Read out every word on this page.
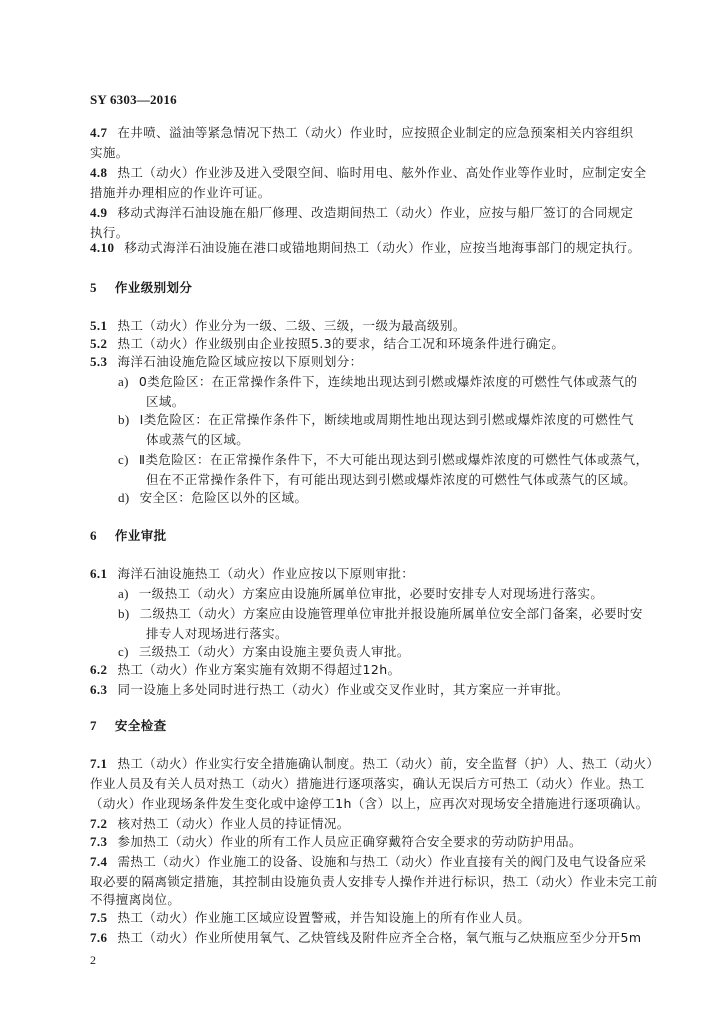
SY 6303—2016
4.7 在井喷、溢油等紧急情况下热工（动火）作业时，应按照企业制定的应急预案相关内容组织
实施。
4.8 热工（动火）作业涉及进入受限空间、临时用电、舷外作业、高处作业等作业时，应制定安全
措施并办理相应的作业许可证。
4.9 移动式海洋石油设施在船厂修理、改造期间热工（动火）作业，应按与船厂签订的合同规定
执行。
4.10 移动式海洋石油设施在港口或锚地期间热工（动火）作业，应按当地海事部门的规定执行。
5 作业级别划分
5.1 热工（动火）作业分为一级、二级、三级，一级为最高级别。
5.2 热工（动火）作业级别由企业按照5.3的要求，结合工况和环境条件进行确定。
5.3 海洋石油设施危险区域应按以下原则划分：
a) 0类危险区：在正常操作条件下，连续地出现达到引燃或爆炸浓度的可燃性气体或蒸气的
区域。
b) Ⅰ类危险区：在正常操作条件下，断续地或周期性地出现达到引燃或爆炸浓度的可燃性气
体或蒸气的区域。
c) Ⅱ类危险区：在正常操作条件下，不大可能出现达到引燃或爆炸浓度的可燃性气体或蒸气，
但在不正常操作条件下，有可能出现达到引燃或爆炸浓度的可燃性气体或蒸气的区域。
d) 安全区：危险区以外的区域。
6 作业审批
6.1 海洋石油设施热工（动火）作业应按以下原则审批：
a) 一级热工（动火）方案应由设施所属单位审批，必要时安排专人对现场进行落实。
b) 二级热工（动火）方案应由设施管理单位审批并报设施所属单位安全部门备案，必要时安
排专人对现场进行落实。
c) 三级热工（动火）方案由设施主要负责人审批。
6.2 热工（动火）作业方案实施有效期不得超过12h。
6.3 同一设施上多处同时进行热工（动火）作业或交叉作业时，其方案应一并审批。
7 安全检查
7.1 热工（动火）作业实行安全措施确认制度。热工（动火）前，安全监督（护）人、热工（动火）
作业人员及有关人员对热工（动火）措施进行逐项落实，确认无误后方可热工（动火）作业。热工
（动火）作业现场条件发生变化或中途停工1h（含）以上，应再次对现场安全措施进行逐项确认。
7.2 核对热工（动火）作业人员的持证情况。
7.3 参加热工（动火）作业的所有工作人员应正确穿戴符合安全要求的劳动防护用品。
7.4 需热工（动火）作业施工的设备、设施和与热工（动火）作业直接有关的阀门及电气设备应采
取必要的隔离锁定措施，其控制由设施负责人安排专人操作并进行标识，热工（动火）作业未完工前
不得擅离岗位。
7.5 热工（动火）作业施工区域应设置警戒，并告知设施上的所有作业人员。
7.6 热工（动火）作业所使用氧气、乙炔管线及附件应齐全合格，氧气瓶与乙炔瓶应至少分开5m
2
